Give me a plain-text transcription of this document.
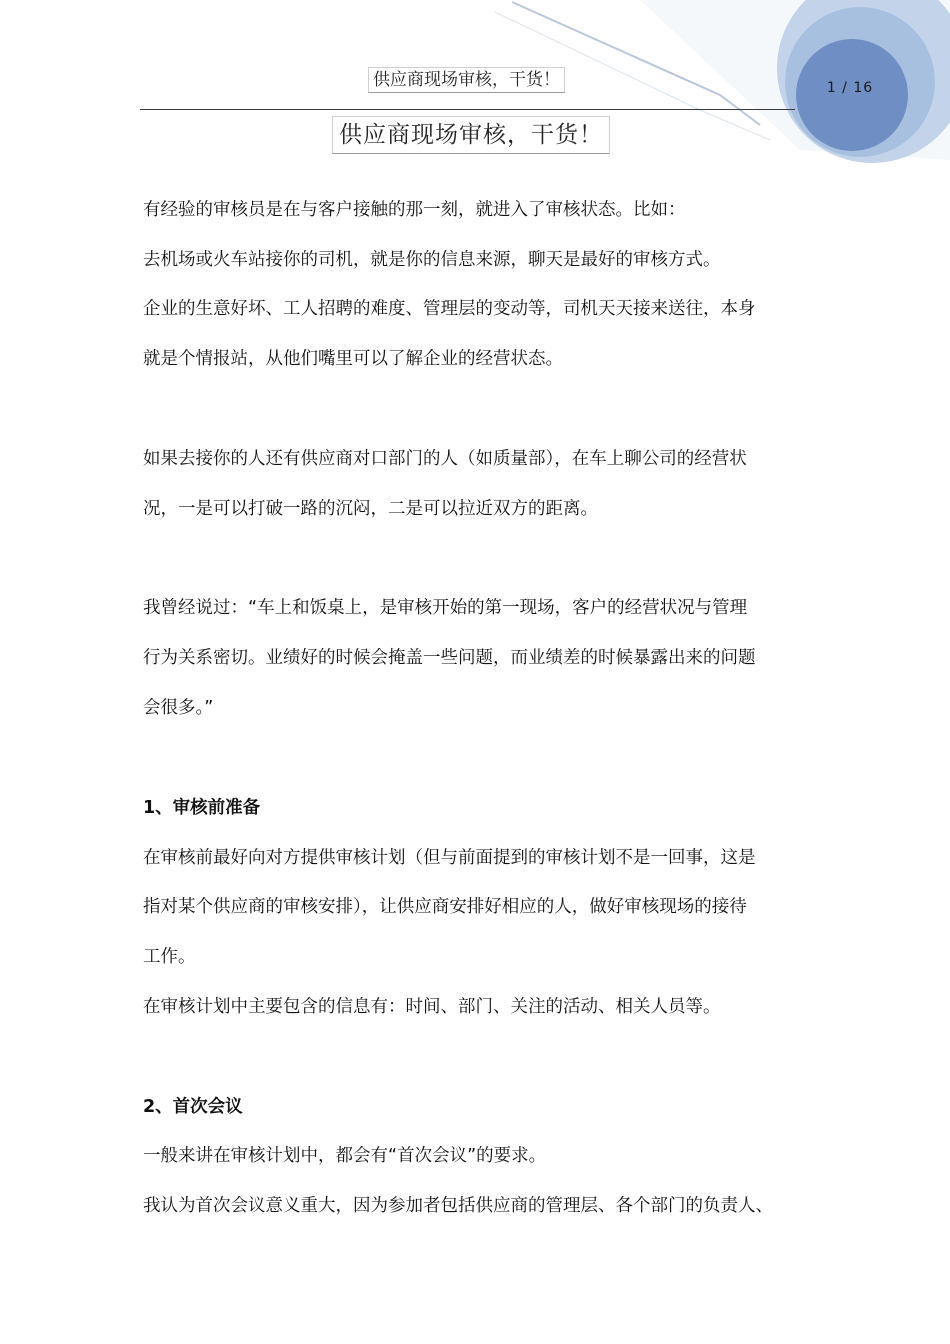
供应商现场审核，干货！	1 / 16
供应商现场审核，干货！
有经验的审核员是在与客户接触的那一刻，就进入了审核状态。比如：
去机场或火车站接你的司机，就是你的信息来源，聊天是最好的审核方式。
企业的生意好坏、工人招聘的难度、管理层的变动等，司机天天接来送往，本身
就是个情报站，从他们嘴里可以了解企业的经营状态。
如果去接你的人还有供应商对口部门的人（如质量部），在车上聊公司的经营状
况，一是可以打破一路的沉闷，二是可以拉近双方的距离。
我曾经说过：“车上和饭桌上，是审核开始的第一现场，客户的经营状况与管理
行为关系密切。业绩好的时候会掩盖一些问题，而业绩差的时候暴露出来的问题
会很多。”
1、审核前准备
在审核前最好向对方提供审核计划（但与前面提到的审核计划不是一回事，这是
指对某个供应商的审核安排），让供应商安排好相应的人，做好审核现场的接待
工作。
在审核计划中主要包含的信息有：时间、部门、关注的活动、相关人员等。
2、首次会议
一般来讲在审核计划中，都会有“首次会议”的要求。
我认为首次会议意义重大，因为参加者包括供应商的管理层、各个部门的负责人、
